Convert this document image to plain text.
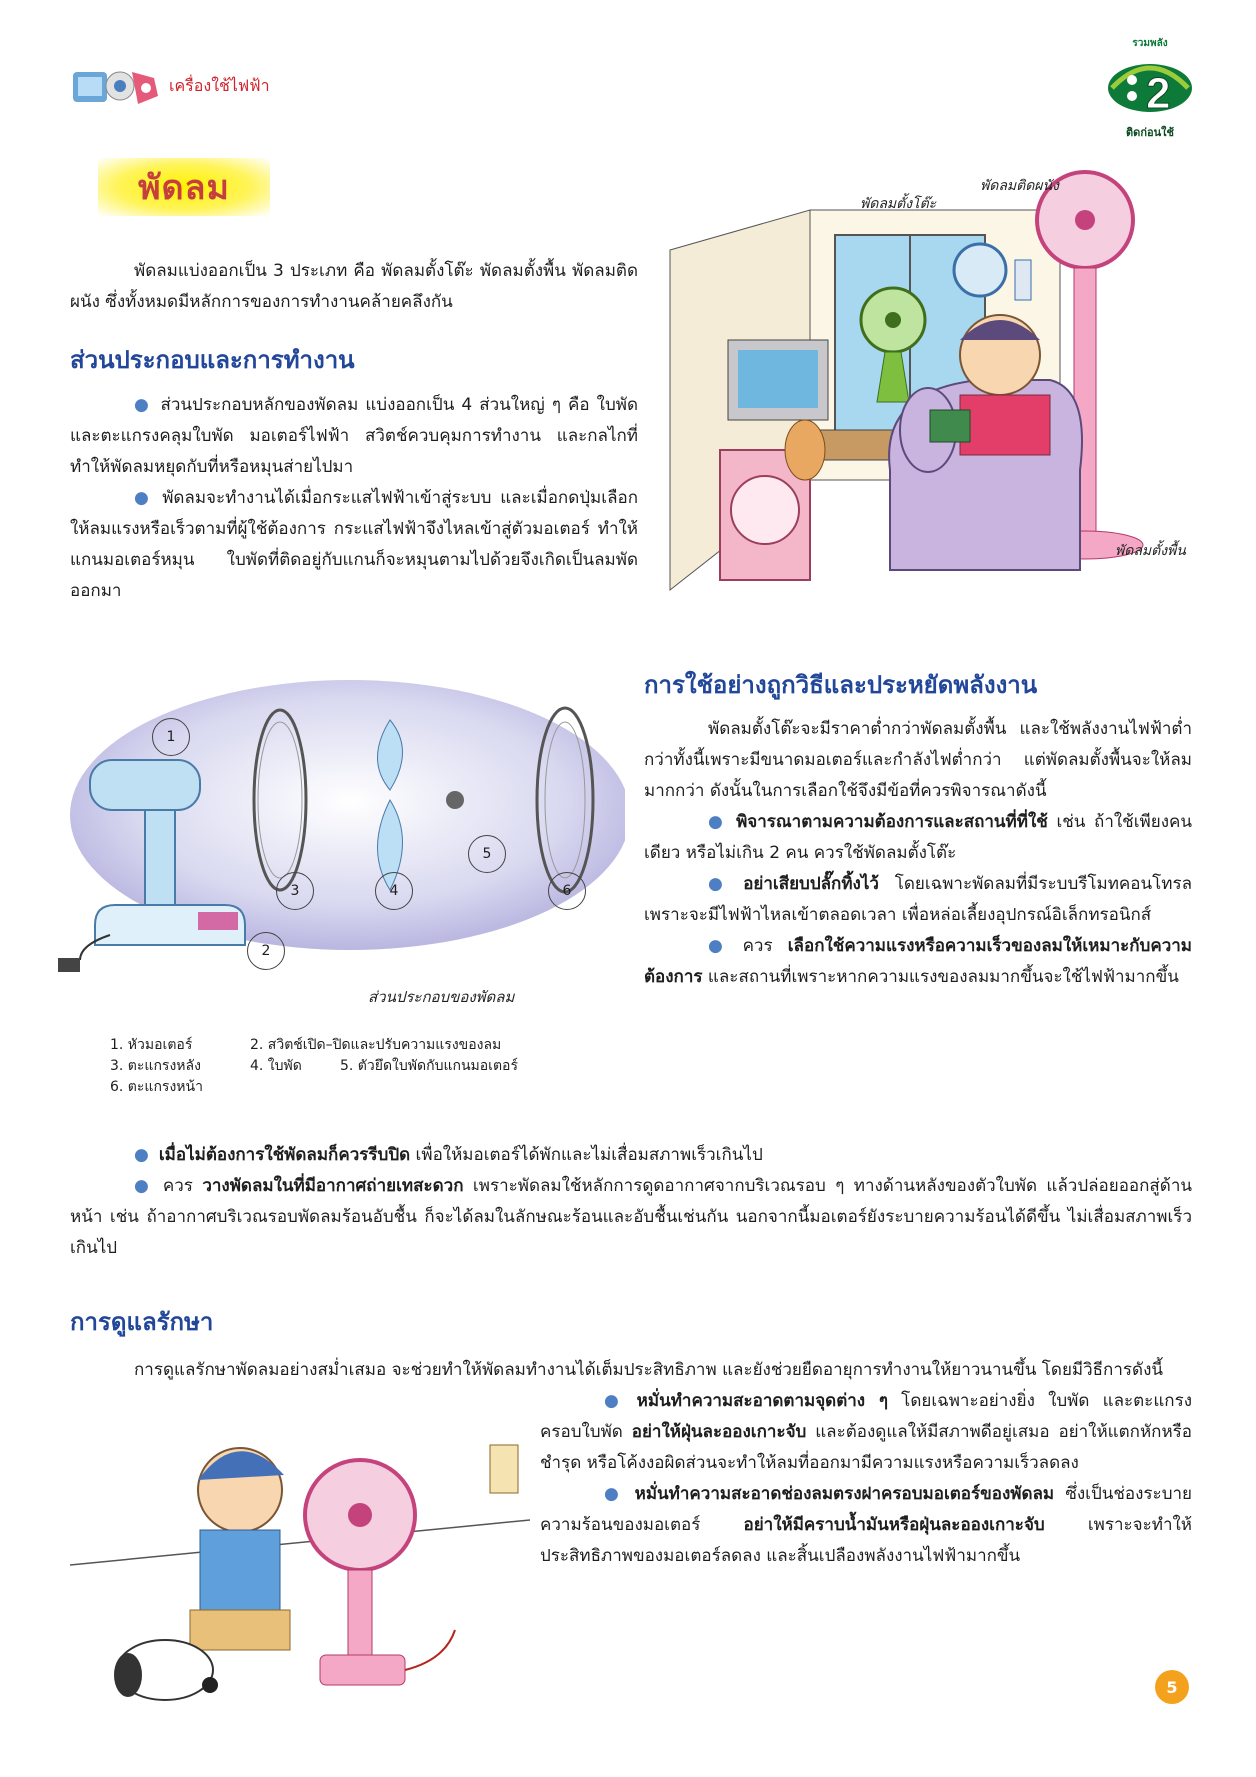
เครื่องใช้ไฟฟ้า	2
รวมพลัง
ติดก่อนใช้
พัดลม

พัดลมแบ่งออกเป็น 3 ประเภท คือ พัดลมตั้งโต๊ะ พัดลมตั้งพื้น พัดลมติดผนัง ซึ่งทั้งหมดมีหลักการของการทำงานคล้ายคลึงกัน

ส่วนประกอบและการทำงาน

● ส่วนประกอบหลักของพัดลม แบ่งออกเป็น 4 ส่วนใหญ่ ๆ คือ ใบพัดและตะแกรงคลุมใบพัด มอเตอร์ไฟฟ้า สวิตช์ควบคุมการทำงาน และกลไกที่ทำให้พัดลมหยุดกับที่หรือหมุนส่ายไปมา

● พัดลมจะทำงานได้เมื่อกระแสไฟฟ้าเข้าสู่ระบบ และเมื่อกดปุ่มเลือกให้ลมแรงหรือเร็วตามที่ผู้ใช้ต้องการ กระแสไฟฟ้าจึงไหลเข้าสู่ตัวมอเตอร์ ทำให้แกนมอเตอร์หมุน ใบพัดที่ติดอยู่กับแกนก็จะหมุนตามไปด้วยจึงเกิดเป็นลมพัดออกมา

พัดลมตั้งโต๊ะ
พัดลมติดผนัง
พัดลมตั้งพื้น
การใช้อย่างถูกวิธีและประหยัดพลังงาน
1
2
3	4
5
6
ส่วนประกอบของพัดลม
1. หัวมอเตอร์	2. สวิตช์เปิด–ปิดและปรับความแรงของลม
3. ตะแกรงหลัง	4. ใบพัด	5. ตัวยึดใบพัดกับแกนมอเตอร์
6. ตะแกรงหน้า

พัดลมตั้งโต๊ะจะมีราคาต่ำกว่าพัดลมตั้งพื้น และใช้พลังงานไฟฟ้าต่ำกว่าทั้งนี้เพราะมีขนาดมอเตอร์และกำลังไฟต่ำกว่า แต่พัดลมตั้งพื้นจะให้ลมมากกว่า ดังนั้นในการเลือกใช้จึงมีข้อที่ควรพิจารณาดังนี้

● พิจารณาตามความต้องการและสถานที่ที่ใช้ เช่น ถ้าใช้เพียงคนเดียว หรือไม่เกิน 2 คน ควรใช้พัดลมตั้งโต๊ะ

● อย่าเสียบปลั๊กทิ้งไว้ โดยเฉพาะพัดลมที่มีระบบรีโมทคอนโทรล เพราะจะมีไฟฟ้าไหลเข้าตลอดเวลา เพื่อหล่อเลี้ยงอุปกรณ์อิเล็กทรอนิกส์

● ควร เลือกใช้ความแรงหรือความเร็วของลมให้เหมาะกับความต้องการ และสถานที่เพราะหากความแรงของลมมากขึ้นจะใช้ไฟฟ้ามากขึ้น

● เมื่อไม่ต้องการใช้พัดลมก็ควรรีบปิด เพื่อให้มอเตอร์ได้พักและไม่เสื่อมสภาพเร็วเกินไป

● ควร วางพัดลมในที่มีอากาศถ่ายเทสะดวก เพราะพัดลมใช้หลักการดูดอากาศจากบริเวณรอบ ๆ ทางด้านหลังของตัวใบพัด แล้วปล่อยออกสู่ด้านหน้า เช่น ถ้าอากาศบริเวณรอบพัดลมร้อนอับชื้น ก็จะได้ลมในลักษณะร้อนและอับชื้นเช่นกัน นอกจากนี้มอเตอร์ยังระบายความร้อนได้ดีขึ้น ไม่เสื่อมสภาพเร็วเกินไป

การดูแลรักษา

การดูแลรักษาพัดลมอย่างสม่ำเสมอ จะช่วยทำให้พัดลมทำงานได้เต็มประสิทธิภาพ และยังช่วยยืดอายุการทำงานให้ยาวนานขึ้น โดยมีวิธีการดังนี้

● หมั่นทำความสะอาดตามจุดต่าง ๆ โดยเฉพาะอย่างยิ่ง ใบพัด และตะแกรงครอบใบพัด อย่าให้ฝุ่นละอองเกาะจับ และต้องดูแลให้มีสภาพดีอยู่เสมอ อย่าให้แตกหักหรือชำรุด หรือโค้งงอผิดส่วนจะทำให้ลมที่ออกมามีความแรงหรือความเร็วลดลง

● หมั่นทำความสะอาดช่องลมตรงฝาครอบมอเตอร์ของพัดลม ซึ่งเป็นช่องระบายความร้อนของมอเตอร์ อย่าให้มีคราบน้ำมันหรือฝุ่นละอองเกาะจับ เพราะจะทำให้ประสิทธิภาพของมอเตอร์ลดลง และสิ้นเปลืองพลังงานไฟฟ้ามากขึ้น

5
